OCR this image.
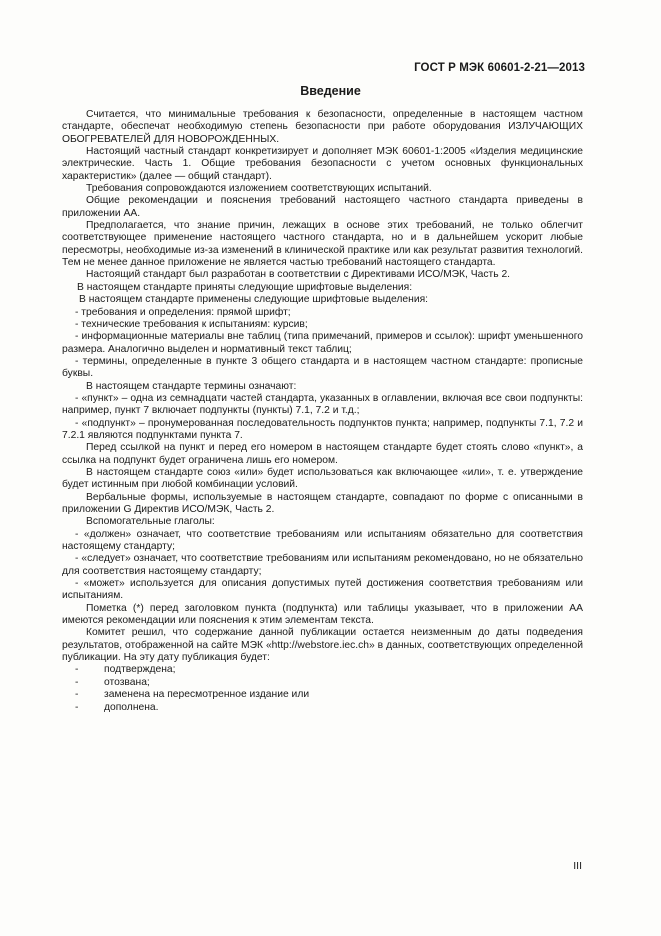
ГОСТ Р МЭК 60601-2-21—2013
Введение

Считается, что минимальные требования к безопасности, определенные в настоящем частном стандарте, обеспечат необходимую степень безопасности при работе оборудования ИЗЛУЧАЮЩИХ ОБОГРЕВАТЕЛЕЙ ДЛЯ НОВОРОЖДЕННЫХ.

Настоящий частный стандарт конкретизирует и дополняет МЭК 60601-1:2005 «Изделия медицинские электрические. Часть 1. Общие требования безопасности с учетом основных функциональных характеристик» (далее — общий стандарт).

Требования сопровождаются изложением соответствующих испытаний.

Общие рекомендации и пояснения требований настоящего частного стандарта приведены в приложении АА.

Предполагается, что знание причин, лежащих в основе этих требований, не только облегчит соответствующее применение настоящего частного стандарта, но и в дальнейшем ускорит любые пересмотры, необходимые из-за изменений в клинической практике или как результат развития технологий. Тем не менее данное приложение не является частью требований настоящего стандарта.

Настоящий стандарт был разработан в соответствии с Директивами ИСО/МЭК, Часть 2.

В настоящем стандарте приняты следующие шрифтовые выделения:

В настоящем стандарте применены следующие шрифтовые выделения:

- требования и определения: прямой шрифт;

- технические требования к испытаниям: курсив;

- информационные материалы вне таблиц (типа примечаний, примеров и ссылок): шрифт уменьшенного размера. Аналогично выделен и нормативный текст таблиц;

- термины, определенные в пункте 3 общего стандарта и в настоящем частном стандарте: прописные буквы.

В настоящем стандарте термины означают:

- «пункт» – одна из семнадцати частей стандарта, указанных в оглавлении, включая все свои подпункты: например, пункт 7 включает подпункты (пункты) 7.1, 7.2 и т.д.;

- «подпункт» – пронумерованная последовательность подпунктов пункта; например, подпункты 7.1, 7.2 и 7.2.1 являются подпунктами пункта 7.

Перед ссылкой на пункт и перед его номером в настоящем стандарте будет стоять слово «пункт», а ссылка на подпункт будет ограничена лишь его номером.

В настоящем стандарте союз «или» будет использоваться как включающее «или», т. е. утверждение будет истинным при любой комбинации условий.

Вербальные формы, используемые в настоящем стандарте, совпадают по форме с описанными в приложении G Директив ИСО/МЭК, Часть 2.

Вспомогательные глаголы:

- «должен» означает, что соответствие требованиям или испытаниям обязательно для соответствия настоящему стандарту;

- «следует» означает, что соответствие требованиям или испытаниям рекомендовано, но не обязательно для соответствия настоящему стандарту;

- «может» используется для описания допустимых путей достижения соответствия требованиям или испытаниям.

Пометка (*) перед заголовком пункта (подпункта) или таблицы указывает, что в приложении АА имеются рекомендации или пояснения к этим элементам текста.

Комитет решил, что содержание данной публикации остается неизменным до даты подведения результатов, отображенной на сайте МЭК «http://webstore.iec.ch» в данных, соответствующих определенной публикации. На эту дату публикация будет:

-	подтверждена;
-	отозвана;
-	заменена на пересмотренное издание или
-	дополнена.
III
